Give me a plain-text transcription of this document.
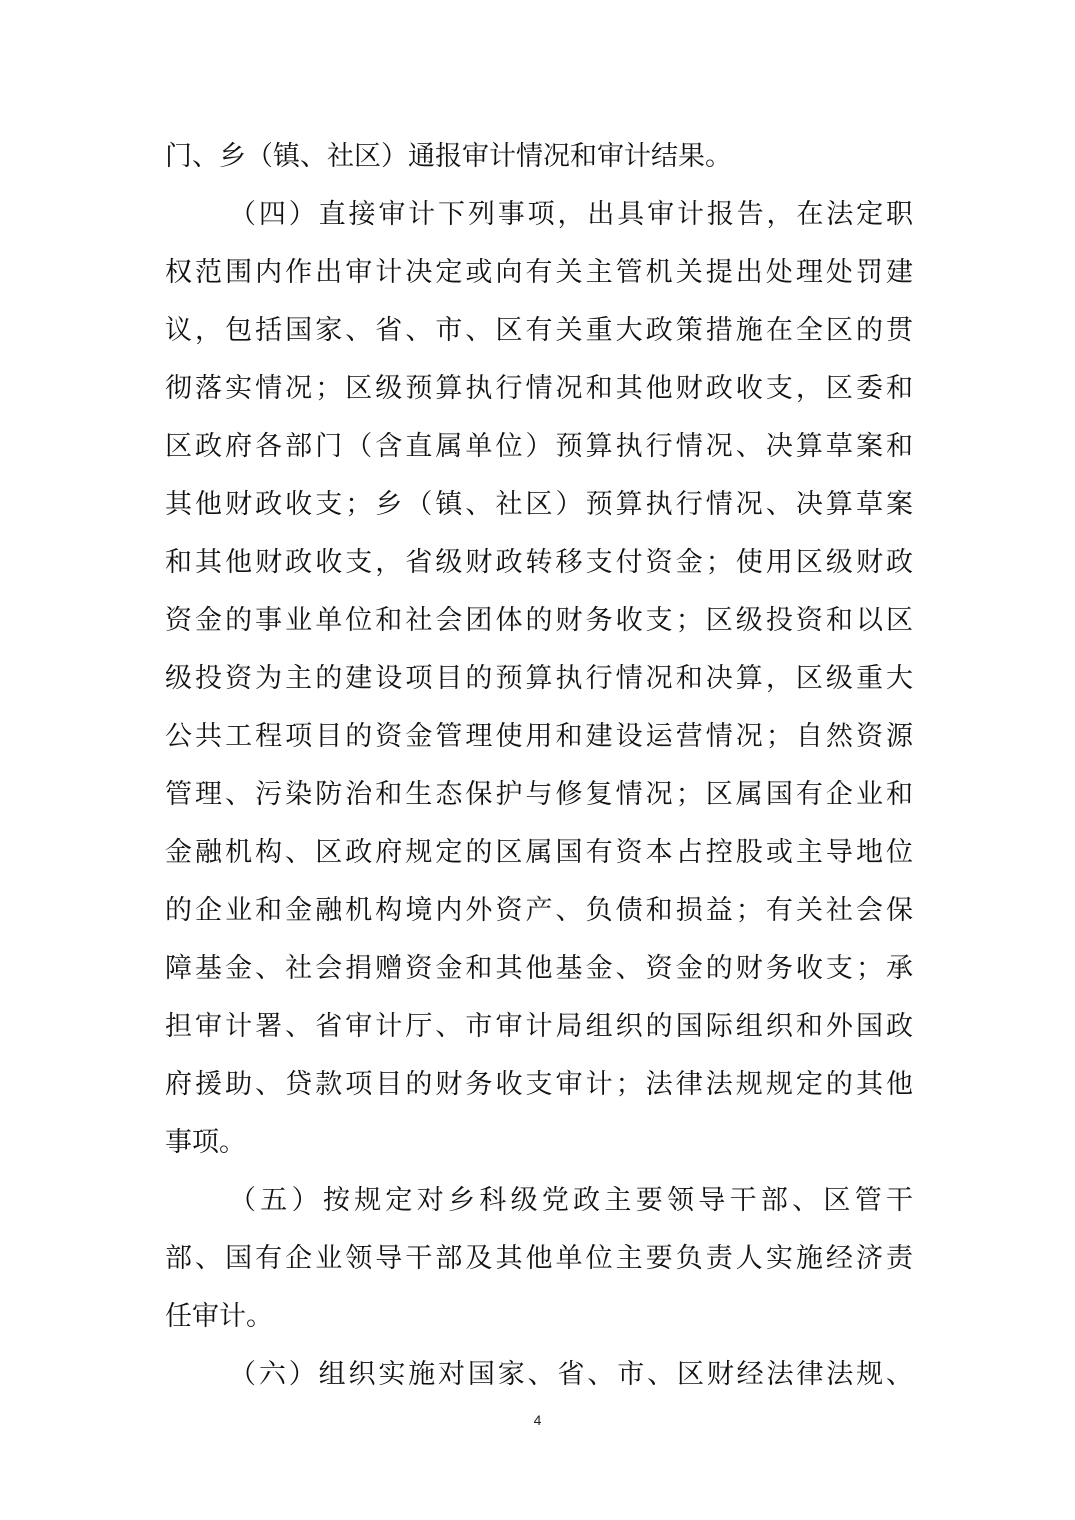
门、乡（镇、社区）通报审计情况和审计结果。
（四）直接审计下列事项，出具审计报告，在法定职
权范围内作出审计决定或向有关主管机关提出处理处罚建
议，包括国家、省、市、区有关重大政策措施在全区的贯
彻落实情况；区级预算执行情况和其他财政收支，区委和
区政府各部门（含直属单位）预算执行情况、决算草案和
其他财政收支；乡（镇、社区）预算执行情况、决算草案
和其他财政收支，省级财政转移支付资金；使用区级财政
资金的事业单位和社会团体的财务收支；区级投资和以区
级投资为主的建设项目的预算执行情况和决算，区级重大
公共工程项目的资金管理使用和建设运营情况；自然资源
管理、污染防治和生态保护与修复情况；区属国有企业和
金融机构、区政府规定的区属国有资本占控股或主导地位
的企业和金融机构境内外资产、负债和损益；有关社会保
障基金、社会捐赠资金和其他基金、资金的财务收支；承
担审计署、省审计厅、市审计局组织的国际组织和外国政
府援助、贷款项目的财务收支审计；法律法规规定的其他
事项。
（五）按规定对乡科级党政主要领导干部、区管干
部、国有企业领导干部及其他单位主要负责人实施经济责
任审计。
（六）组织实施对国家、省、市、区财经法律法规、
4
